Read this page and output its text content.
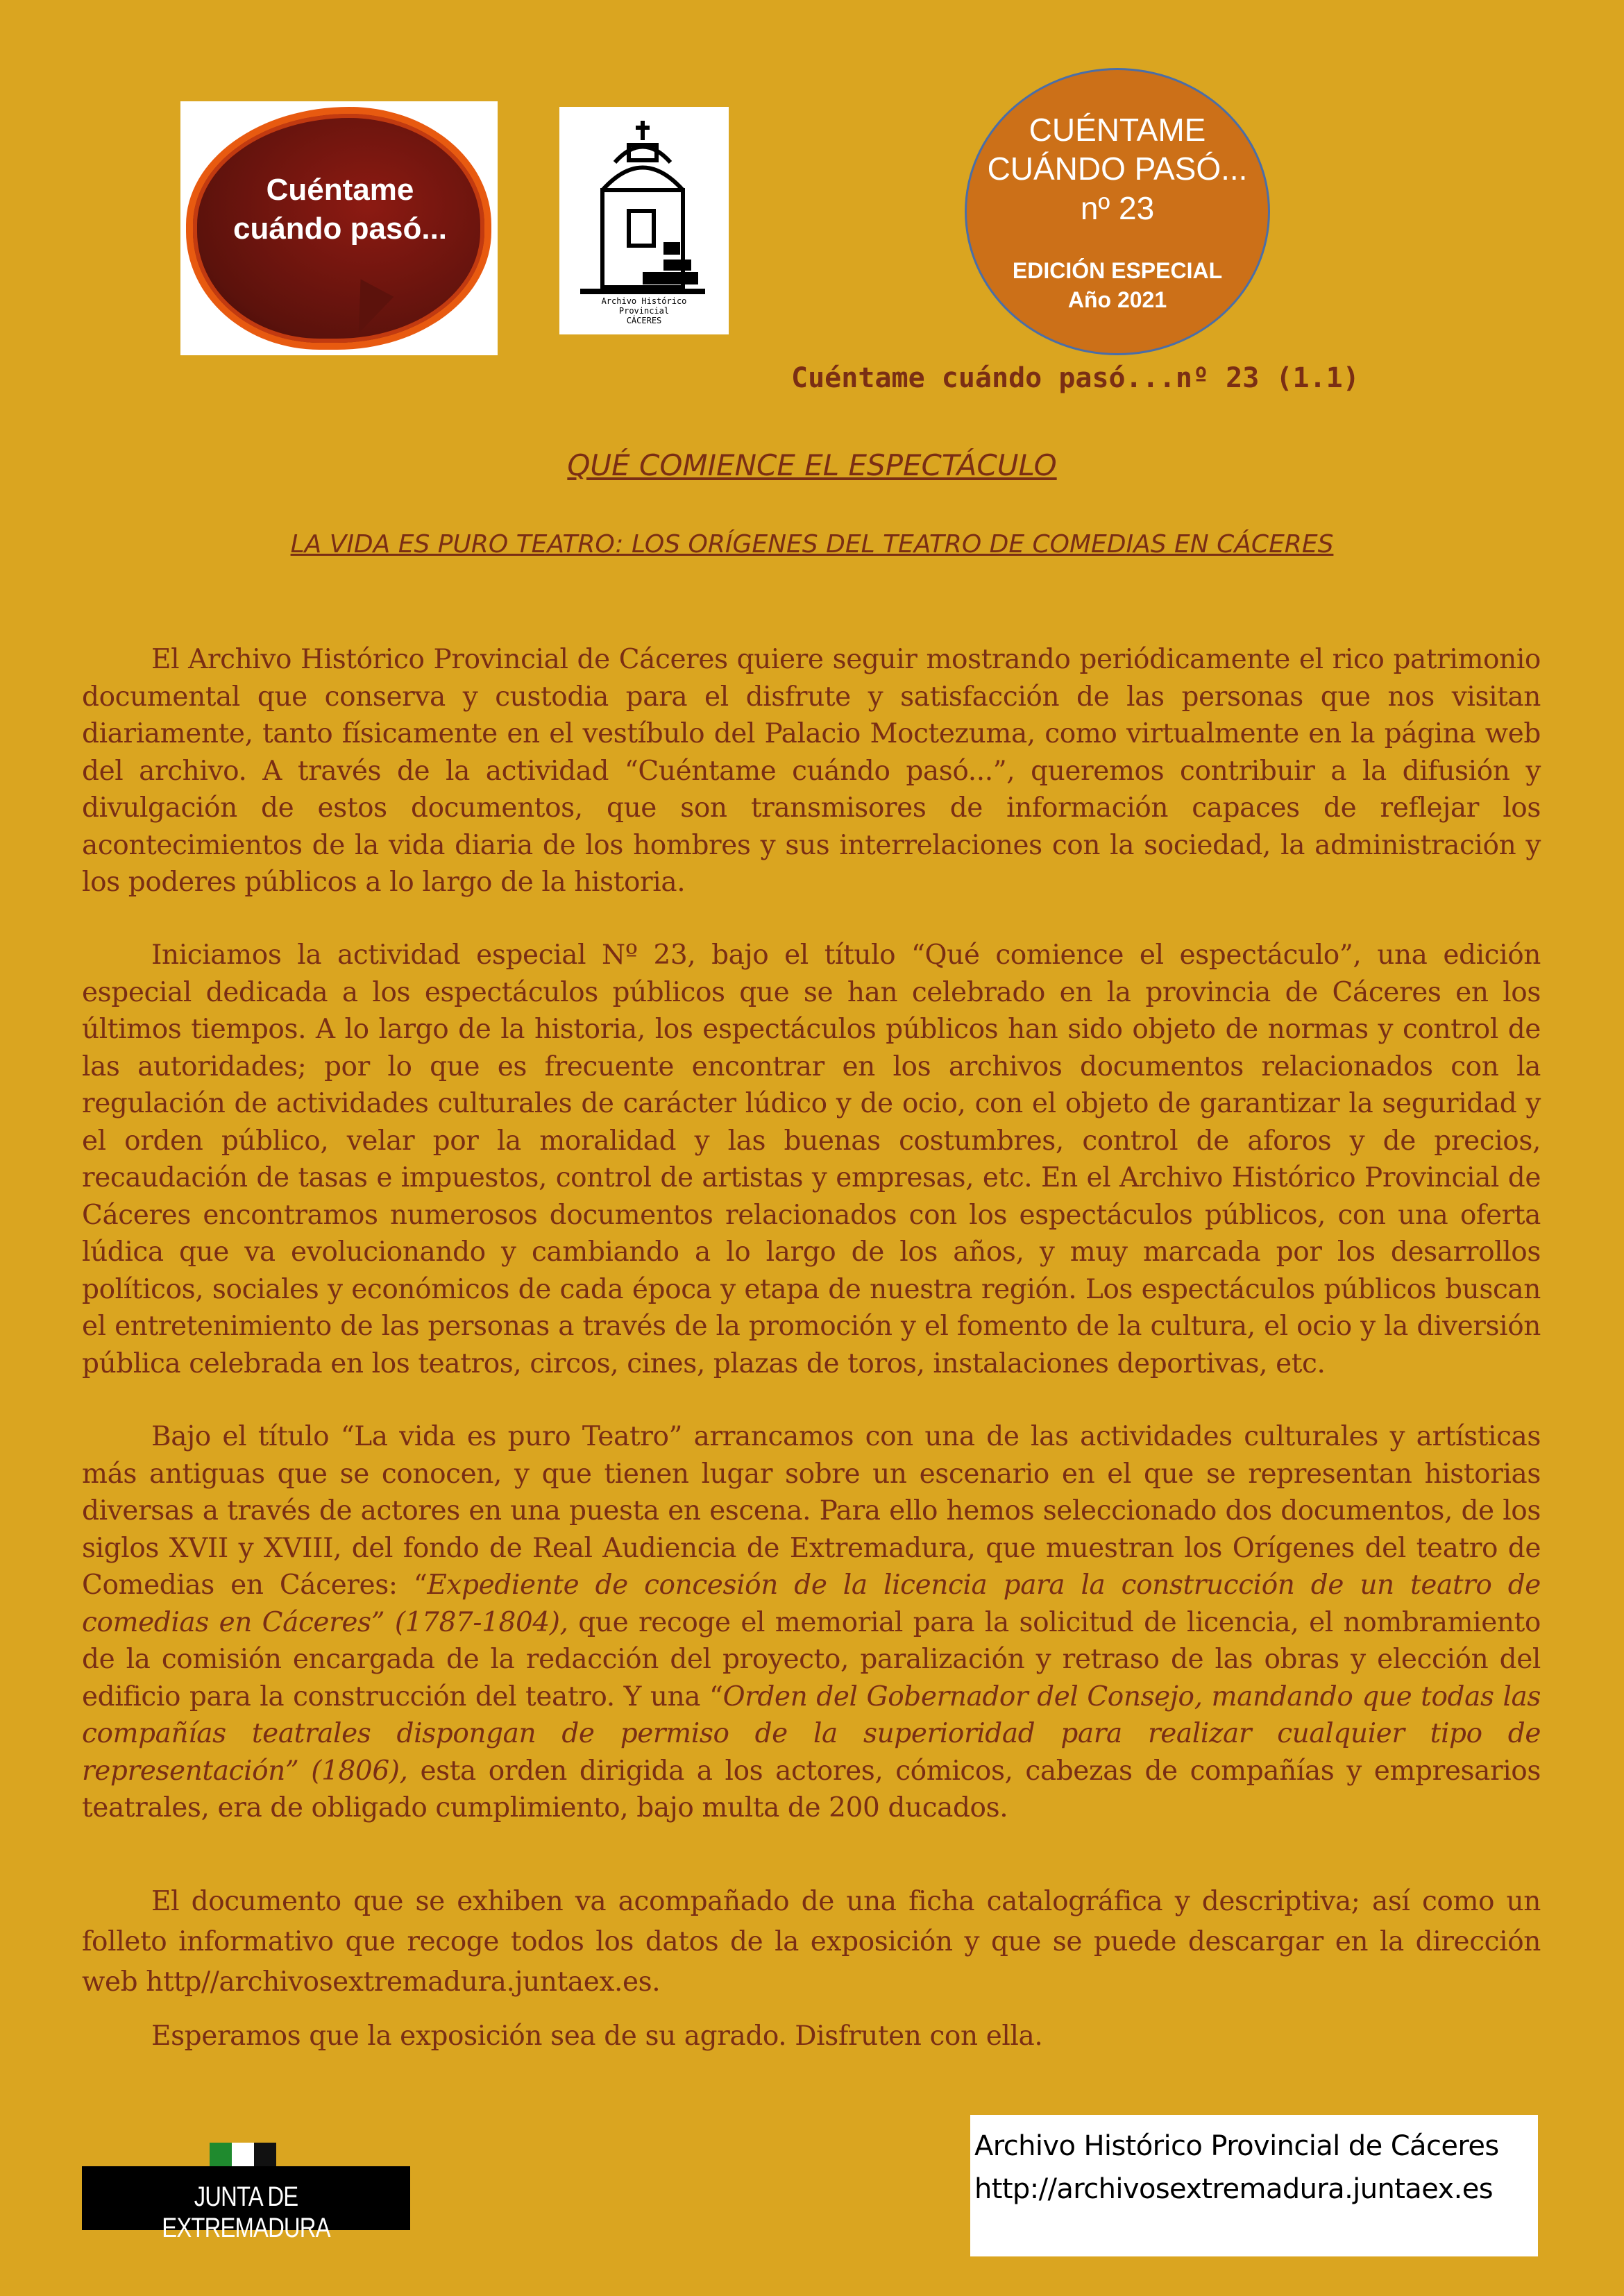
Cuéntame
cuándo pasó...
Archivo Histórico
Provincial
CÁCERES
CUÉNTAME
CUÁNDO PASÓ...
nº 23
EDICIÓN ESPECIAL
Año 2021
Cuéntame cuándo pasó...nº 23 (1.1)
QUÉ COMIENCE EL ESPECTÁCULO
LA VIDA ES PURO TEATRO: LOS ORÍGENES DEL TEATRO DE COMEDIAS EN CÁCERES
El Archivo Histórico Provincial de Cáceres quiere seguir mostrando periódicamente el rico patrimonio documental que conserva y custodia para el disfrute y satisfacción de las personas que nos visitan diariamente, tanto físicamente en el vestíbulo del Palacio Moctezuma, como virtualmente en la página web del archivo. A través de la actividad “Cuéntame cuándo pasó...”, queremos contribuir a la difusión y divulgación de estos documentos, que son transmisores de información capaces de reflejar los acontecimientos de la vida diaria de los hombres y sus interrelaciones con la sociedad, la administración y los poderes públicos a lo largo de la historia.
Iniciamos la actividad especial Nº 23, bajo el título “Qué comience el espectáculo”, una edición especial dedicada a los espectáculos públicos que se han celebrado en la provincia de Cáceres en los últimos tiempos. A lo largo de la historia, los espectáculos públicos han sido objeto de normas y control de las autoridades; por lo que es frecuente encontrar en los archivos documentos relacionados con la regulación de actividades culturales de carácter lúdico y de ocio, con el objeto de garantizar la seguridad y el orden público, velar por la moralidad y las buenas costumbres, control de aforos y de precios, recaudación de tasas e impuestos, control de artistas y empresas, etc. En el Archivo Histórico Provincial de Cáceres encontramos numerosos documentos relacionados con los espectáculos públicos, con una oferta lúdica que va evolucionando y cambiando a lo largo de los años, y muy marcada por los desarrollos políticos, sociales y económicos de cada época y etapa de nuestra región. Los espectáculos públicos buscan el entretenimiento de las personas a través de la promoción y el fomento de la cultura, el ocio y la diversión pública celebrada en los teatros, circos, cines, plazas de toros, instalaciones deportivas, etc.
Bajo el título “La vida es puro Teatro” arrancamos con una de las actividades culturales y artísticas más antiguas que se conocen, y que tienen lugar sobre un escenario en el que se representan historias diversas a través de actores en una puesta en escena. Para ello hemos seleccionado dos documentos, de los siglos XVII y XVIII, del fondo de Real Audiencia de Extremadura, que muestran los Orígenes del teatro de Comedias en Cáceres: “Expediente de concesión de la licencia para la construcción de un teatro de comedias en Cáceres” (1787-1804), que recoge el memorial para la solicitud de licencia, el nombramiento de la comisión encargada de la redacción del proyecto, paralización y retraso de las obras y elección del edificio para la construcción del teatro. Y una “Orden del Gobernador del Consejo, mandando que todas las compañías teatrales dispongan de permiso de la superioridad para realizar cualquier tipo de representación” (1806), esta orden dirigida a los actores, cómicos, cabezas de compañías y empresarios teatrales, era de obligado cumplimiento, bajo multa de 200 ducados.
El documento que se exhiben va acompañado de una ficha catalográfica y descriptiva; así como un folleto informativo que recoge todos los datos de la exposición y que se puede descargar en la dirección web http//archivosextremadura.juntaex.es.
Esperamos que la exposición sea de su agrado. Disfruten con ella.
JUNTA DE EXTREMADURA
Archivo Histórico Provincial de Cáceres
http://archivosextremadura.juntaex.es
